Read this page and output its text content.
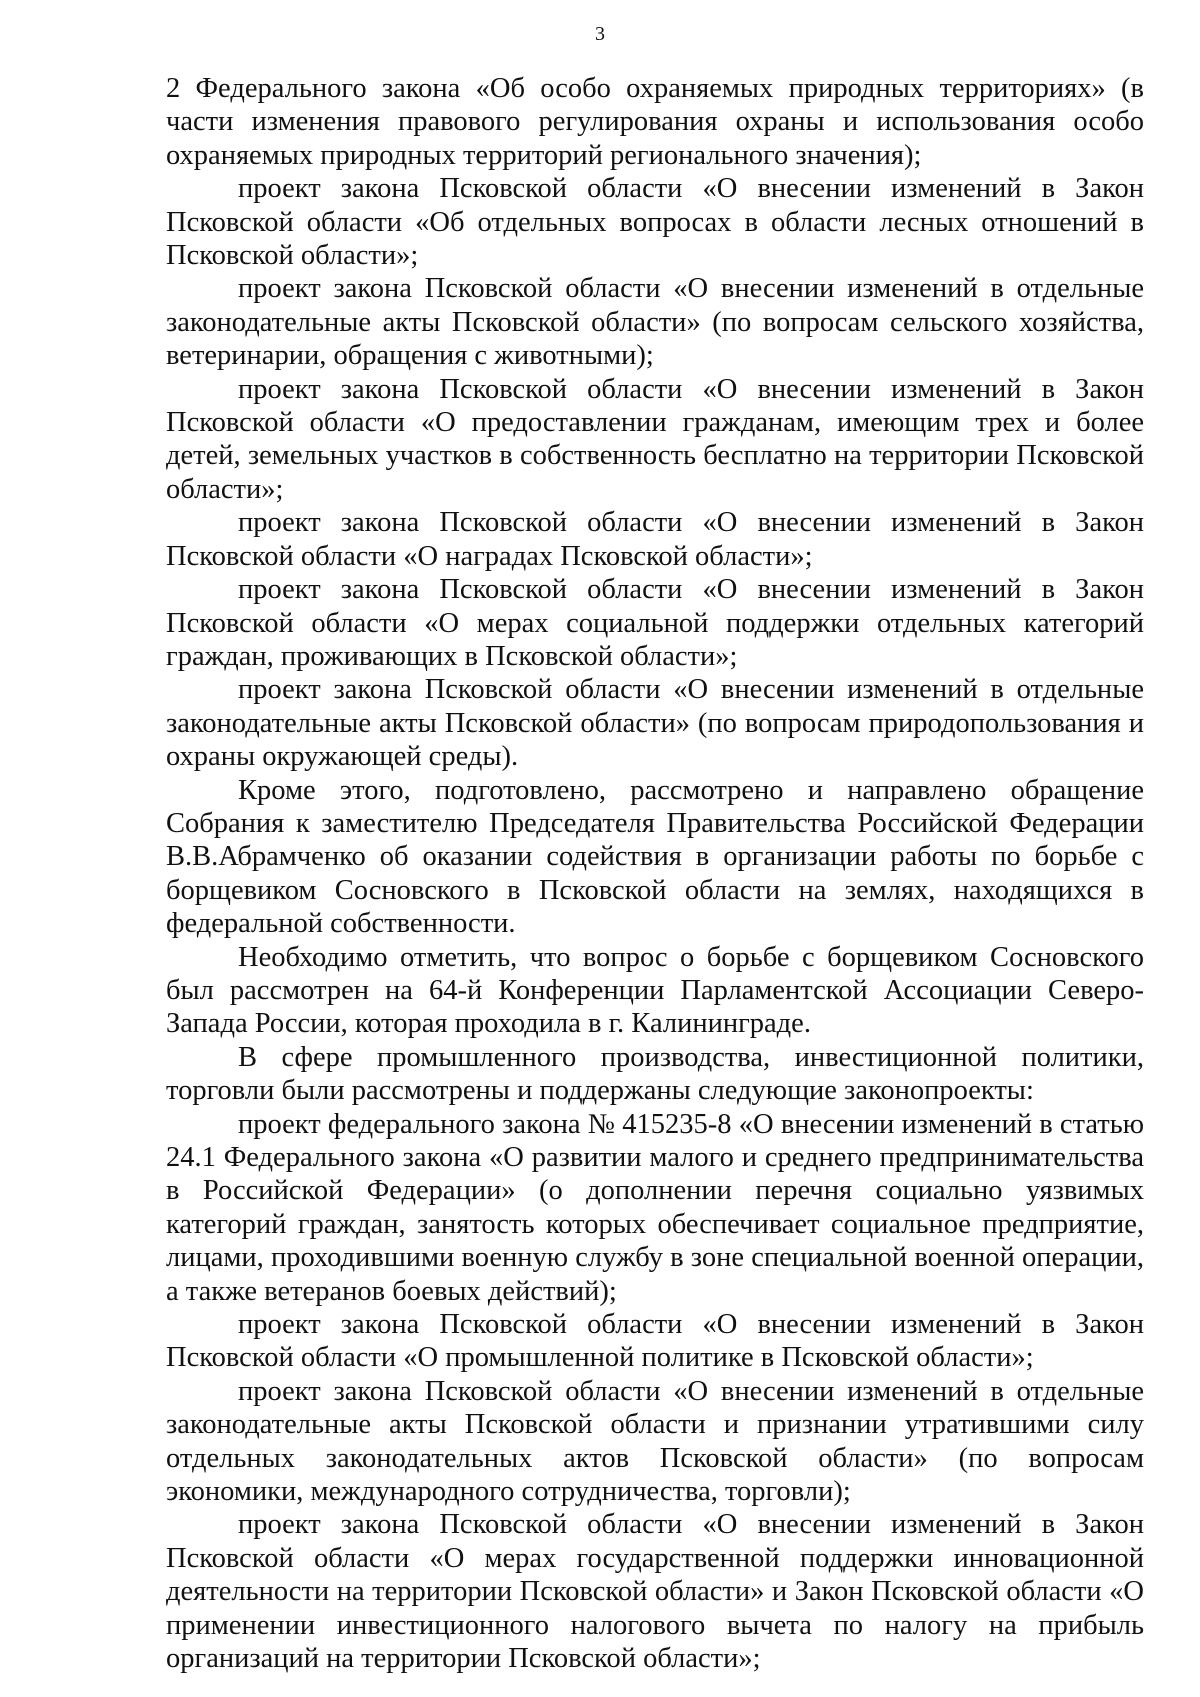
3

2 Федерального закона «Об особо охраняемых природных территориях» (в части изменения правового регулирования охраны и использования особо охраняемых природных территорий регионального значения);

проект закона Псковской области «О внесении изменений в Закон Псковской области «Об отдельных вопросах в области лесных отношений в Псковской области»;

проект закона Псковской области «О внесении изменений в отдельные законодательные акты Псковской области» (по вопросам сельского хозяйства, ветеринарии, обращения с животными);

проект закона Псковской области «О внесении изменений в Закон Псковской области «О предоставлении гражданам, имеющим трех и более детей, земельных участков в собственность бесплатно на территории Псковской области»;

проект закона Псковской области «О внесении изменений в Закон Псковской области «О наградах Псковской области»;

проект закона Псковской области «О внесении изменений в Закон Псковской области «О мерах социальной поддержки отдельных категорий граждан, проживающих в Псковской области»;

проект закона Псковской области «О внесении изменений в отдельные законодательные акты Псковской области» (по вопросам природопользования и охраны окружающей среды).

Кроме этого, подготовлено, рассмотрено и направлено обращение Собрания к заместителю Председателя Правительства Российской Федерации В.В.Абрамченко об оказании содействия в организации работы по борьбе с борщевиком Сосновского в Псковской области на землях, находящихся в федеральной собственности.

Необходимо отметить, что вопрос о борьбе с борщевиком Сосновского был рассмотрен на 64-й Конференции Парламентской Ассоциации Северо-Запада России, которая проходила в г. Калининграде.

В сфере промышленного производства, инвестиционной политики, торговли были рассмотрены и поддержаны следующие законопроекты:

проект федерального закона № 415235-8 «О внесении изменений в статью 24.1 Федерального закона «О развитии малого и среднего предпринимательства в Российской Федерации» (о дополнении перечня социально уязвимых категорий граждан, занятость которых обеспечивает социальное предприятие, лицами, проходившими военную службу в зоне специальной военной операции, а также ветеранов боевых действий);

проект закона Псковской области «О внесении изменений в Закон Псковской области «О промышленной политике в Псковской области»;

проект закона Псковской области «О внесении изменений в отдельные законодательные акты Псковской области и признании утратившими силу отдельных законодательных актов Псковской области» (по вопросам экономики, международного сотрудничества, торговли);

проект закона Псковской области «О внесении изменений в Закон Псковской области «О мерах государственной поддержки инновационной деятельности на территории Псковской области» и Закон Псковской области «О применении инвестиционного налогового вычета по налогу на прибыль организаций на территории Псковской области»;
